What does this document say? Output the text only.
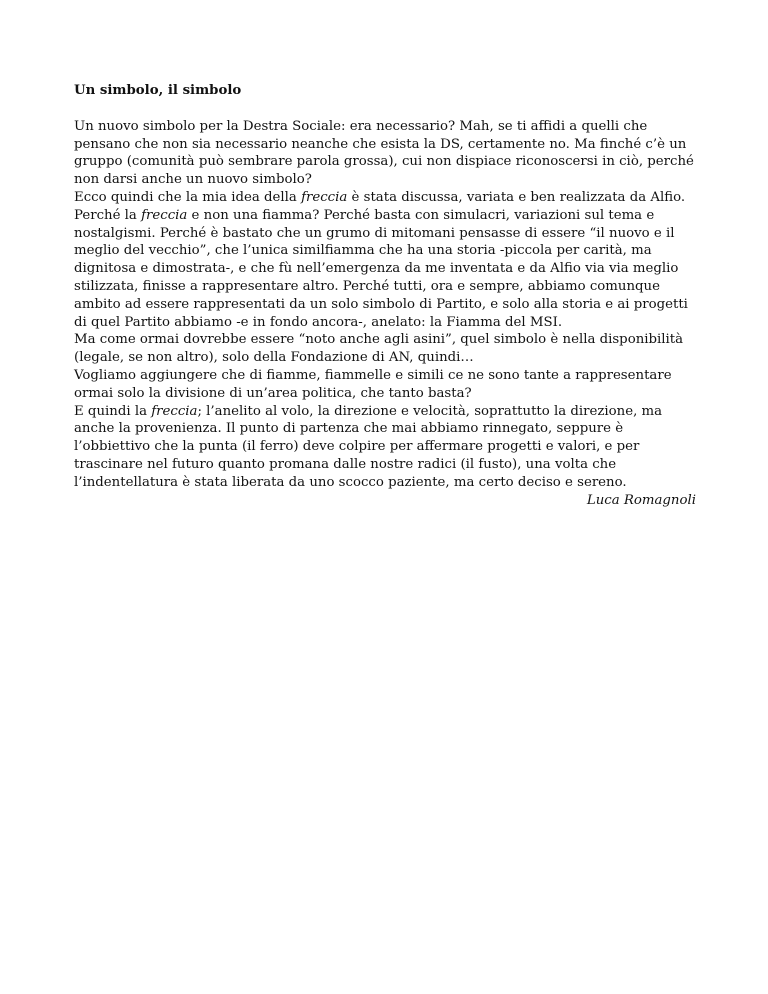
Un simbolo, il simbolo

Un nuovo simbolo per la Destra Sociale: era necessario? Mah, se ti affidi a quelli che pensano che non sia necessario neanche che esista la DS, certamente no. Ma finché c’è un gruppo (comunità può sembrare parola grossa), cui non dispiace riconoscersi in ciò, perché non darsi anche un nuovo simbolo?

Ecco quindi che la mia idea della freccia è stata discussa, variata e ben realizzata da Alfio. Perché la freccia e non una fiamma? Perché basta con simulacri, variazioni sul tema e nostalgismi. Perché è bastato che un grumo di mitomani pensasse di essere “il nuovo e il meglio del vecchio”, che l’unica similfiamma che ha una storia -piccola per carità, ma dignitosa e dimostrata-, e che fù nell’emergenza da me inventata e da Alfio via via meglio stilizzata, finisse a rappresentare altro. Perché tutti, ora e sempre, abbiamo comunque ambito ad essere rappresentati da un solo simbolo di Partito, e solo alla storia e ai progetti di quel Partito abbiamo -e in fondo ancora-, anelato: la Fiamma del MSI.

Ma come ormai dovrebbe essere “noto anche agli asini”, quel simbolo è nella disponibilità (legale, se non altro), solo della Fondazione di AN, quindi…

Vogliamo aggiungere che di fiamme, fiammelle e simili ce ne sono tante a rappresentare ormai solo la divisione di un’area politica, che tanto basta?

E quindi la freccia; l’anelito al volo, la direzione e velocità, soprattutto la direzione, ma anche la provenienza. Il punto di partenza che mai abbiamo rinnegato, seppure è l’obbiettivo che la punta (il ferro) deve colpire per affermare progetti e valori, e per trascinare nel futuro quanto promana dalle nostre radici (il fusto), una volta che l’indentellatura è stata liberata da uno scocco paziente, ma certo deciso e sereno.

Luca Romagnoli
